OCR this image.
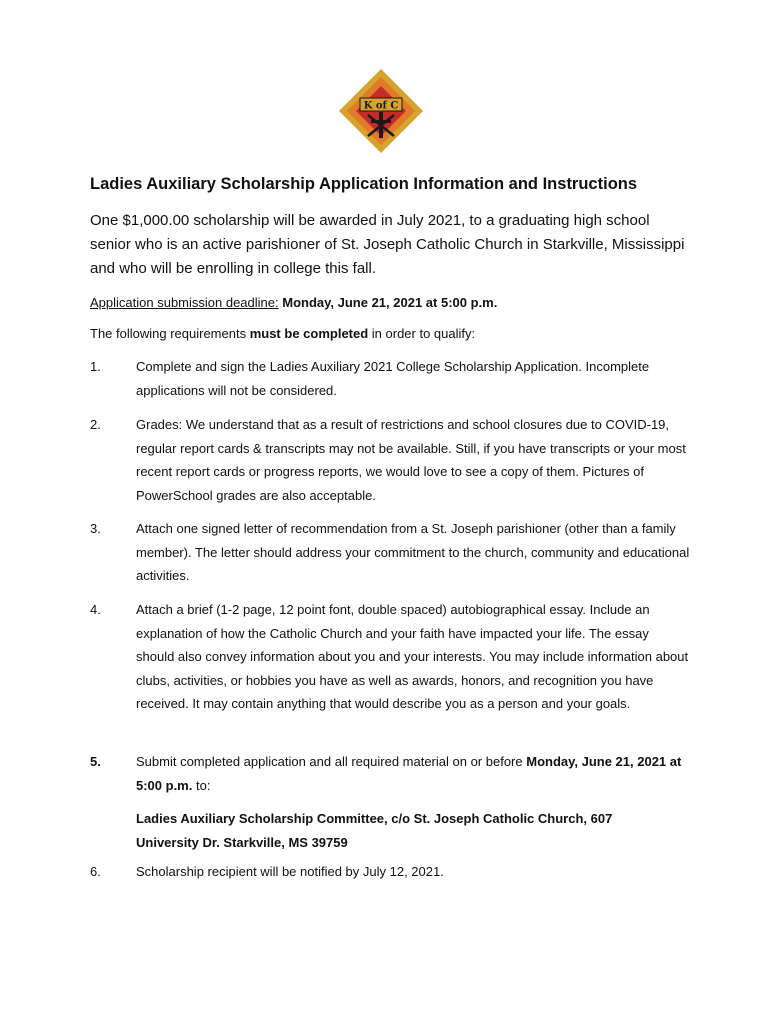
K of C
Ladies Auxiliary Scholarship Application Information and Instructions

One $1,000.00 scholarship will be awarded in July 2021, to a graduating high school senior who is an active parishioner of St. Joseph Catholic Church in Starkville, Mississippi and who will be enrolling in college this fall.

Application submission deadline: Monday, June 21, 2021 at 5:00 p.m.

The following requirements must be completed in order to qualify:

1.	Complete and sign the Ladies Auxiliary 2021 College Scholarship Application. Incomplete applications will not be considered.
2.	Grades: We understand that as a result of restrictions and school closures due to COVID-19, regular report cards & transcripts may not be available. Still, if you have transcripts or your most recent report cards or progress reports, we would love to see a copy of them. Pictures of PowerSchool grades are also acceptable.
3.	Attach one signed letter of recommendation from a St. Joseph parishioner (other than a family member). The letter should address your commitment to the church, community and educational activities.
4.	Attach a brief (1-2 page, 12 point font, double spaced) autobiographical essay. Include an explanation of how the Catholic Church and your faith have impacted your life. The essay should also convey information about you and your interests. You may include information about clubs, activities, or hobbies you have as well as awards, honors, and recognition you have received. It may contain anything that would describe you as a person and your goals.
5.	Submit completed application and all required material on or before Monday, June 21, 2021 at 5:00 p.m. to:
Ladies Auxiliary Scholarship Committee, c/o St. Joseph Catholic Church, 607 University Dr. Starkville, MS 39759
6.	Scholarship recipient will be notified by July 12, 2021.
